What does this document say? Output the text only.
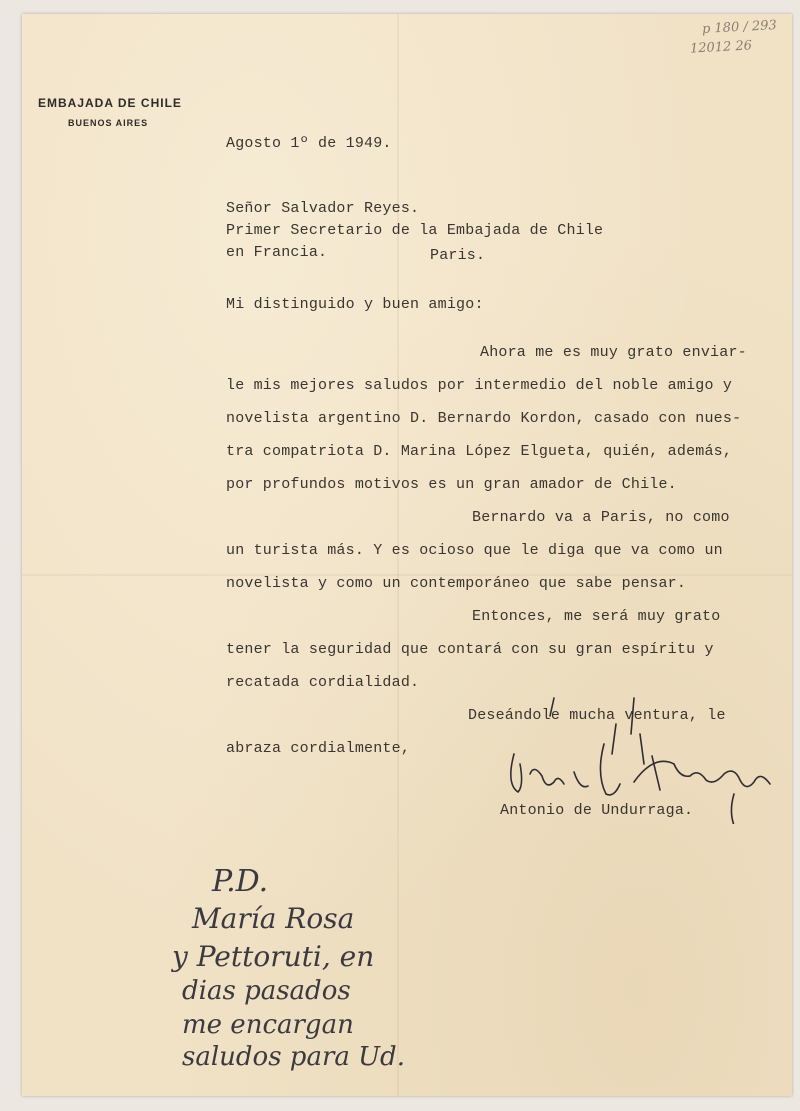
p 180 / 293
12012 26
EMBAJADA DE CHILE
BUENOS AIRES
Agosto 1º de 1949.
Señor Salvador Reyes.
Primer Secretario de la Embajada de Chile
en Francia.	Paris.
Mi distinguido y buen amigo:
Ahora me es muy grato enviar-
le mis mejores saludos por intermedio del noble amigo y
novelista argentino D. Bernardo Kordon, casado con nues-
tra compatriota D. Marina López Elgueta, quién, además,
por profundos motivos es un gran amador de Chile.
Bernardo va a Paris, no como
un turista más. Y es ocioso que le diga que va como un
novelista y como un contemporáneo que sabe pensar.
Entonces, me será muy grato
tener la seguridad que contará con su gran espíritu y
recatada cordialidad.
Deseándole mucha ventura, le
abraza cordialmente,
Antonio de Undurraga.
P.D.
María Rosa
y Pettoruti, en
dias pasados
me encargan
saludos para Ud.
